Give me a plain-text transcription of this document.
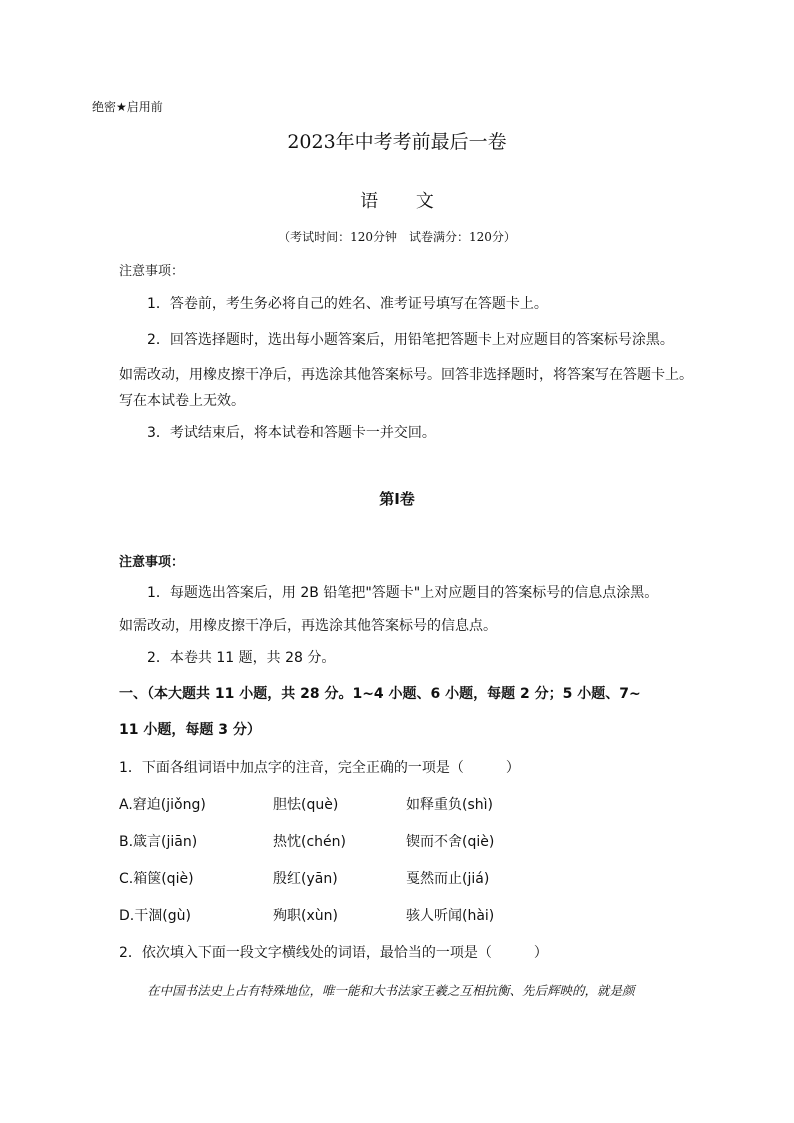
绝密★启用前
2023年中考考前最后一卷
语 文
（考试时间：120分钟　试卷满分：120分）
注意事项：
1．答卷前，考生务必将自己的姓名、准考证号填写在答题卡上。
2．回答选择题时，选出每小题答案后，用铅笔把答题卡上对应题目的答案标号涂黑。
如需改动，用橡皮擦干净后，再选涂其他答案标号。回答非选择题时，将答案写在答题卡上。
写在本试卷上无效。
3．考试结束后，将本试卷和答题卡一并交回。
第Ⅰ卷
注意事项：
1．每题选出答案后，用 2B 铅笔把"答题卡"上对应题目的答案标号的信息点涂黑。
如需改动，用橡皮擦干净后，再选涂其他答案标号的信息点。
2．本卷共 11 题，共 28 分。
一、（本大题共 11 小题，共 28 分。1~4 小题、6 小题，每题 2 分；5 小题、7~
11 小题，每题 3 分）
1．下面各组词语中加点字的注音，完全正确的一项是（　　　）
A.窘迫(jiǒng)	胆怯(què)	如释重负(shì)
B.箴言(jiān)	热忱(chén)	锲而不舍(qiè)
C.箱箧(qiè)	殷红(yān)	戛然而止(jiá)
D.干涸(gù)	殉职(xùn)	骇人听闻(hài)
2．依次填入下面一段文字横线处的词语，最恰当的一项是（　　　）
在中国书法史上占有特殊地位，唯一能和大书法家王羲之互相抗衡、先后辉映的，就是颜
